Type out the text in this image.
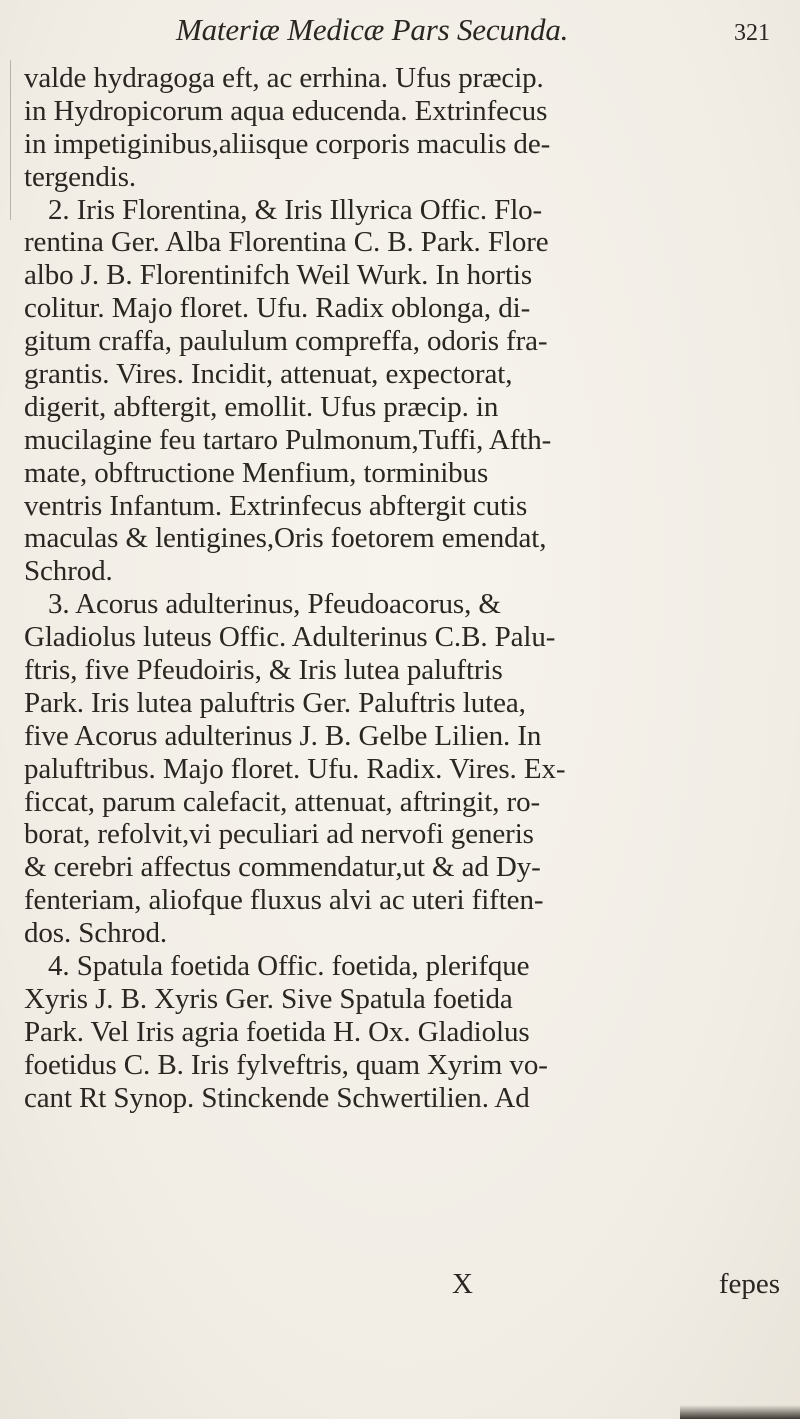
Materiæ Medicæ Pars Secunda.	321
valde hydragoga eft, ac errhina. Ufus præcip.
in Hydropicorum aqua educenda. Extrinfecus
in impetiginibus,aliisque corporis maculis de-
tergendis.
2. Iris Florentina, & Iris Illyrica Offic. Flo-
rentina Ger. Alba Florentina C. B. Park. Flore
albo J. B. Florentinifch Weil Wurk. In hortis
colitur. Majo floret. Ufu. Radix oblonga, di-
gitum craffa, paululum compreffa, odoris fra-
grantis. Vires. Incidit, attenuat, expectorat,
digerit, abftergit, emollit. Ufus præcip. in
mucilagine feu tartaro Pulmonum,Tuffi, Afth-
mate, obftructione Menfium, torminibus
ventris Infantum. Extrinfecus abftergit cutis
maculas & lentigines,Oris foetorem emendat,
Schrod.
3. Acorus adulterinus, Pfeudoacorus, &
Gladiolus luteus Offic. Adulterinus C.B. Palu-
ftris, five Pfeudoiris, & Iris lutea paluftris
Park. Iris lutea paluftris Ger. Paluftris lutea,
five Acorus adulterinus J. B. Gelbe Lilien. In
paluftribus. Majo floret. Ufu. Radix. Vires. Ex-
ficcat, parum calefacit, attenuat, aftringit, ro-
borat, refolvit,vi peculiari ad nervofi generis
& cerebri affectus commendatur,ut & ad Dy-
fenteriam, aliofque fluxus alvi ac uteri fiften-
dos. Schrod.
4. Spatula foetida Offic. foetida, plerifque
Xyris J. B. Xyris Ger. Sive Spatula foetida
Park. Vel Iris agria foetida H. Ox. Gladiolus
foetidus C. B. Iris fylveftris, quam Xyrim vo-
cant Rt Synop. Stinckende Schwertilien. Ad
X	fepes
